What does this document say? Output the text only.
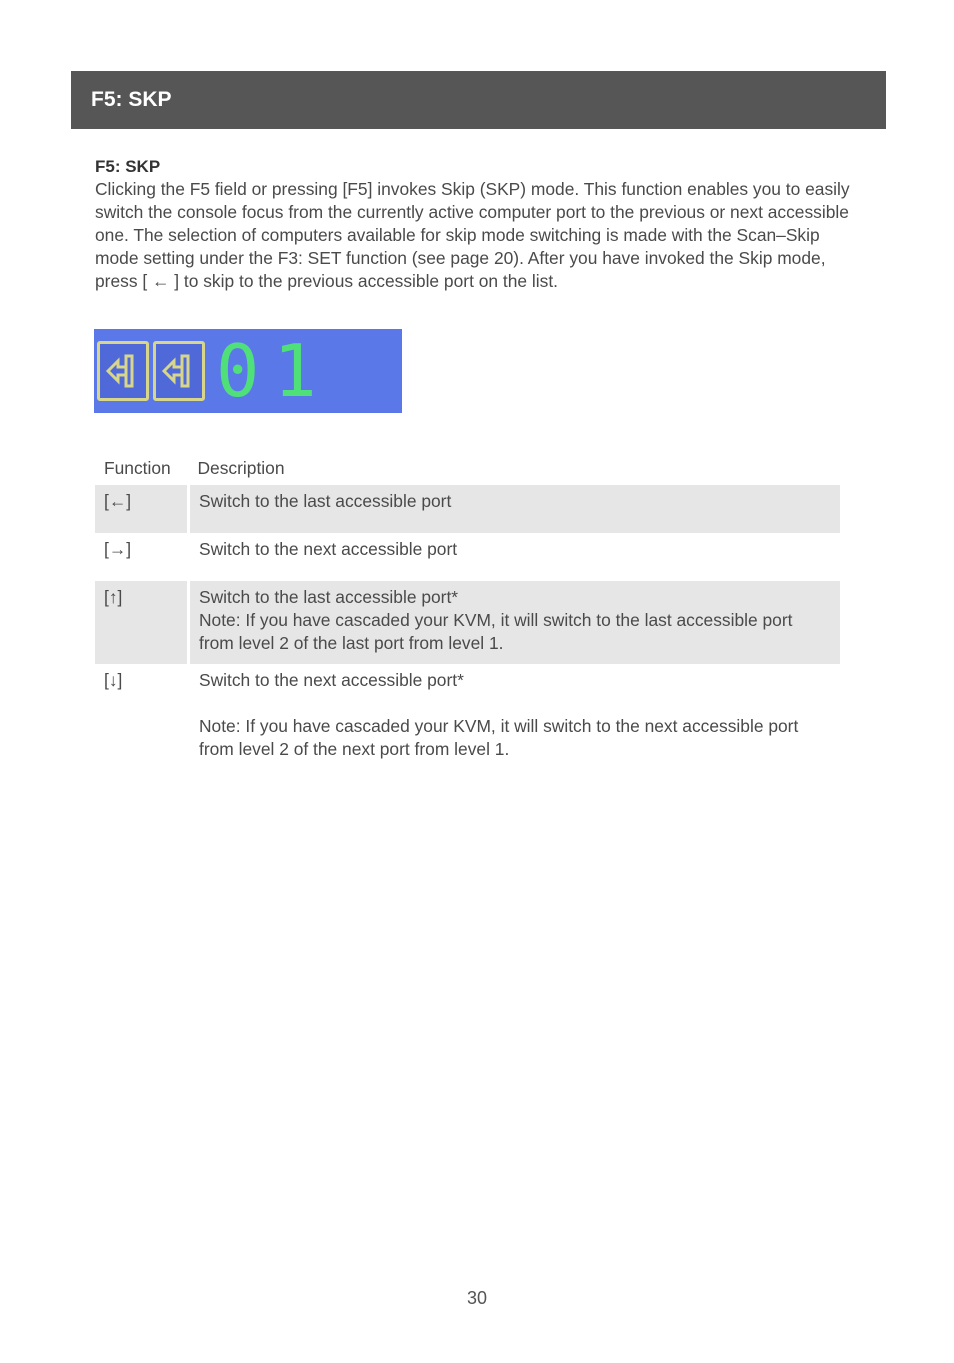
F5: SKP
F5: SKP

Clicking the F5 field or pressing [F5] invokes Skip (SKP) mode. This function enables you to easily switch the console focus from the currently active computer port to the previous or next accessible one. The selection of computers available for skip mode switching is made with the Scan–Skip mode setting under the F3: SET function (see page 20). After you have invoked the Skip mode, press [ ← ] to skip to the previous accessible port on the list.

01
Function	Description
[←]	Switch to the last accessible port

[→]	Switch to the next accessible port

[↑]	Switch to the last accessible port*
Note: If you have cascaded your KVM, it will switch to the last accessible port from level 2 of the last port from level 1.

[↓]	Switch to the next accessible port*
Note: If you have cascaded your KVM, it will switch to the next accessible port from level 2 of the next port from level 1.
30
